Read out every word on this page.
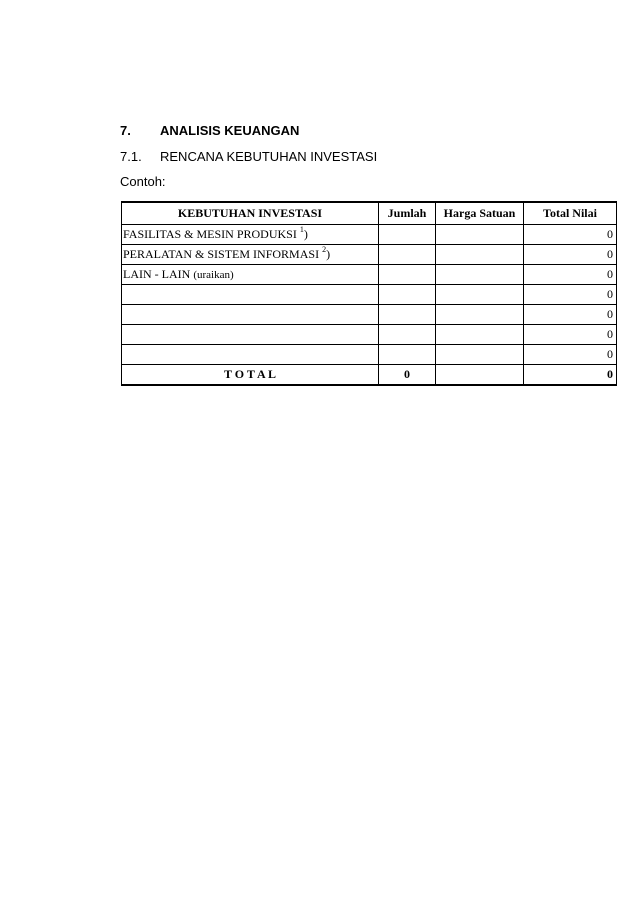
7. ANALISIS KEUANGAN
7.1. RENCANA KEBUTUHAN INVESTASI
Contoh:
KEBUTUHAN INVESTASI	Jumlah	Harga Satuan	Total Nilai
FASILITAS & MESIN PRODUKSI $^1$)			0
PERALATAN & SISTEM INFORMASI $^2$)			0
LAIN - LAIN (uraikan)			0
			0
			0
			0
			0
T O T A L	0		0
